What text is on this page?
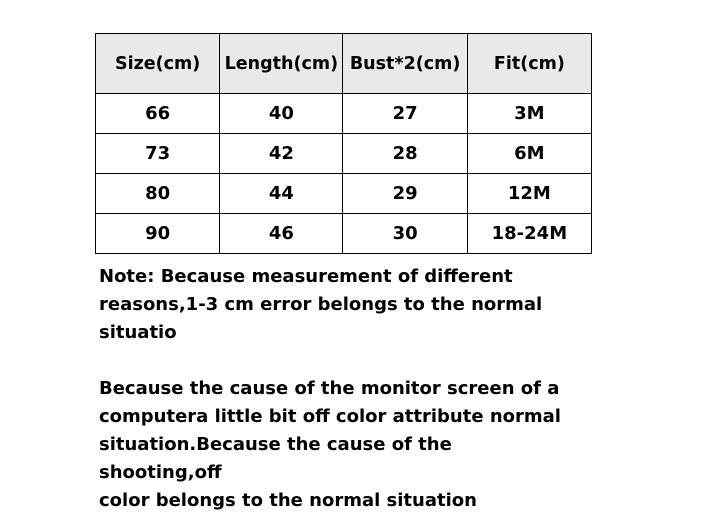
Size(cm)	Length(cm)	Bust*2(cm)	Fit(cm)
66	40	27	3M
73	42	28	6M
80	44	29	12M
90	46	30	18-24M

Note: Because measurement of different
reasons,1-3 cm error belongs to the normal
situatio

Because the cause of the monitor screen of a
computera little bit off color attribute normal
situation.Because the cause of the shooting,off
color belongs to the normal situation
